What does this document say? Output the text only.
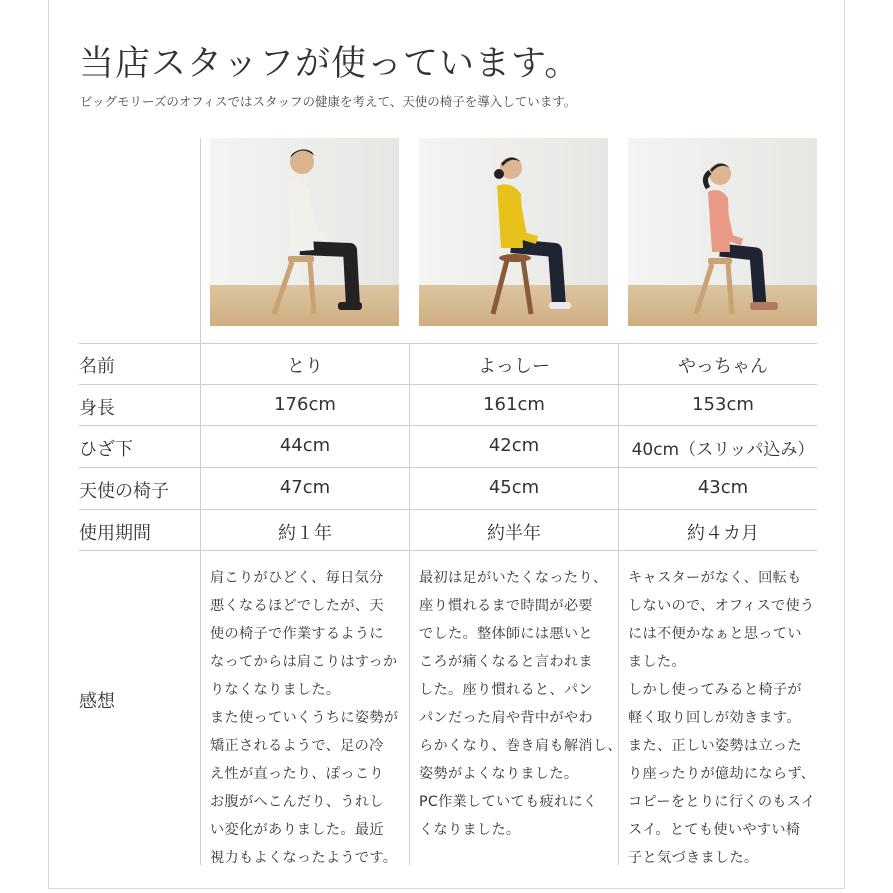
当店スタッフが使っています。
ビッグモリーズのオフィスではスタッフの健康を考えて、天使の椅子を導入しています。
名前
身長
ひざ下
天使の椅子
使用期間
感想
とり
176cm
44cm
47cm
約１年
よっしー
161cm
42cm
45cm
約半年
やっちゃん
153cm
40cm（スリッパ込み）
43cm
約４カ月
肩こりがひどく、毎日気分
悪くなるほどでしたが、天
使の椅子で作業するように
なってからは肩こりはすっか
りなくなりました。
また使っていくうちに姿勢が
矯正されるようで、足の冷
え性が直ったり、ぽっこり
お腹がへこんだり、うれし
い変化がありました。最近
視力もよくなったようです。
最初は足がいたくなったり、
座り慣れるまで時間が必要
でした。整体師には悪いと
ころが痛くなると言われま
した。座り慣れると、パン
パンだった肩や背中がやわ
らかくなり、巻き肩も解消し、
姿勢がよくなりました。
PC作業していても疲れにく
くなりました。
キャスターがなく、回転も
しないので、オフィスで使う
には不便かなぁと思ってい
ました。
しかし使ってみると椅子が
軽く取り回しが効きます。
また、正しい姿勢は立った
り座ったりが億劫にならず、
コピーをとりに行くのもスイ
スイ。とても使いやすい椅
子と気づきました。
